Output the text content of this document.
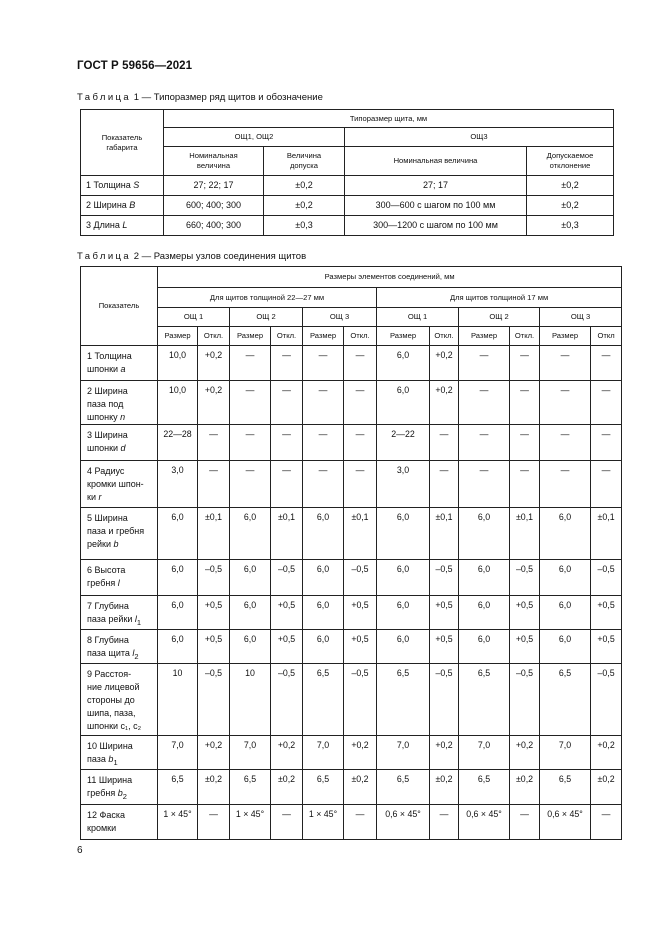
ГОСТ Р 59656—2021
Таблица 1 — Типоразмер ряд щитов и обозначение
Показатель габарита	Типоразмер щита, мм			
	ОЩ1, ОЩ2		ОЩ3	
	Номинальная величина	Величина допуска	Номинальная величина	Допускаемое отклонение
1 Толщина S	27; 22; 17	±0,2	27; 17	±0,2
2 Ширина B	600; 400; 300	±0,2	300—600 с шагом по 100 мм	±0,2
3 Длина L	660; 400; 300	±0,3	300—1200 с шагом по 100 мм	±0,3
Таблица 2 — Размеры узлов соединения щитов
Показатель	Размеры элементов соединений, мм											
	Для щитов толщиной 22—27 мм						Для щитов толщиной 17 мм					
	ОЩ 1		ОЩ 2		ОЩ 3		ОЩ 1		ОЩ 2		ОЩ 3	
	Размер	Откл.	Размер	Откл.	Размер	Откл.	Размер	Откл.	Размер	Откл.	Размер	Откл
1 Толщина
шпонки a	10,0	+0,2	—	—	—	—	6,0	+0,2	—	—	—	—
2 Ширина
паза под
шпонку n	10,0	+0,2	—	—	—	—	6,0	+0,2	—	—	—	—
3 Ширина
шпонки d	22—28	—	—	—	—	—	2—22	—	—	—	—	—
4 Радиус
кромки шпон-
ки r	3,0	—	—	—	—	—	3,0	—	—	—	—	—
5 Ширина
паза и гребня
рейки b	6,0	±0,1	6,0	±0,1	6,0	±0,1	6,0	±0,1	6,0	±0,1	6,0	±0,1
6 Высота
гребня l	6,0	–0,5	6,0	–0,5	6,0	–0,5	6,0	–0,5	6,0	–0,5	6,0	–0,5
7 Глубина
паза рейки $l_1$	6,0	+0,5	6,0	+0,5	6,0	+0,5	6,0	+0,5	6,0	+0,5	6,0	+0,5
8 Глубина
паза щита $l_2$	6,0	+0,5	6,0	+0,5	6,0	+0,5	6,0	+0,5	6,0	+0,5	6,0	+0,5
9 Расстоя-
ние лицевой
стороны до
шипа, паза,
шпонки c₁, c₂	10	–0,5	10	–0,5	6,5	–0,5	6,5	–0,5	6,5	–0,5	6,5	–0,5
10 Ширина
паза $b_1$	7,0	+0,2	7,0	+0,2	7,0	+0,2	7,0	+0,2	7,0	+0,2	7,0	+0,2
11 Ширина
гребня $b_2$	6,5	±0,2	6,5	±0,2	6,5	±0,2	6,5	±0,2	6,5	±0,2	6,5	±0,2
12 Фаска
кромки	1 × 45°	—	1 × 45°	—	1 × 45°	—	0,6 × 45°	—	0,6 × 45°	—	0,6 × 45°	—
6
